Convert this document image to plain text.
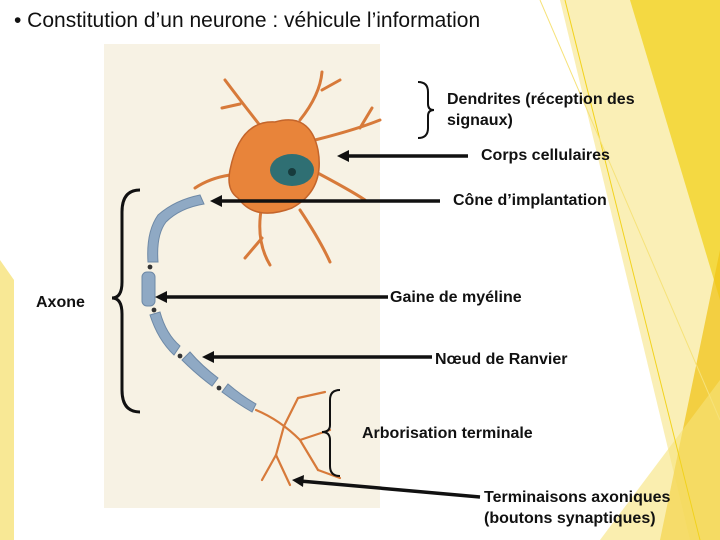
• Constitution d’un neurone : véhicule l’information
Dendrites (réception des
signaux)
Corps cellulaires
Cône d’implantation
Axone	Gaine de myéline
Nœud de Ranvier
Arborisation terminale
Terminaisons axoniques
(boutons synaptiques)
